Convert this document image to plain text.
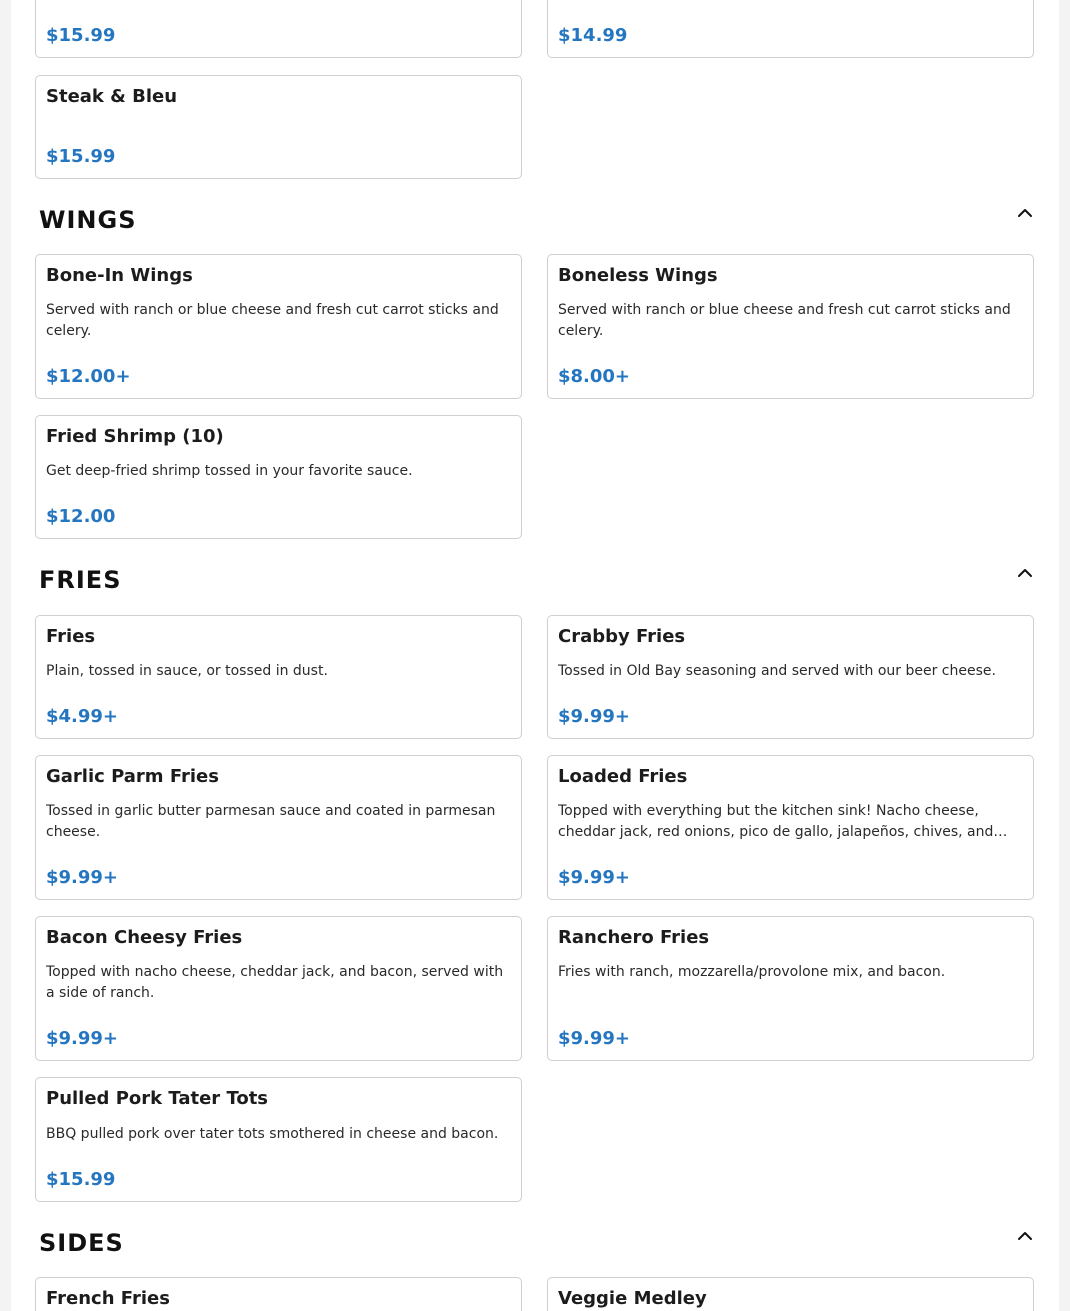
$15.99	$14.99
Steak & Bleu
$15.99
WINGS
Bone-In Wings
Served with ranch or blue cheese and fresh cut carrot sticks and celery.
$12.00+
Boneless Wings
Served with ranch or blue cheese and fresh cut carrot sticks and celery.
$8.00+
Fried Shrimp (10)
Get deep-fried shrimp tossed in your favorite sauce.
$12.00
FRIES
Fries
Plain, tossed in sauce, or tossed in dust.
$4.99+
Crabby Fries
Tossed in Old Bay seasoning and served with our beer cheese.
$9.99+
Garlic Parm Fries
Tossed in garlic butter parmesan sauce and coated in parmesan cheese.
$9.99+
Loaded Fries
Topped with everything but the kitchen sink! Nacho cheese, cheddar jack, red onions, pico de gallo, jalapeños, chives, and…
$9.99+
Bacon Cheesy Fries
Topped with nacho cheese, cheddar jack, and bacon, served with a side of ranch.
$9.99+
Ranchero Fries
Fries with ranch, mozzarella/provolone mix, and bacon.
$9.99+
Pulled Pork Tater Tots
BBQ pulled pork over tater tots smothered in cheese and bacon.
$15.99
SIDES
French Fries	Veggie Medley
